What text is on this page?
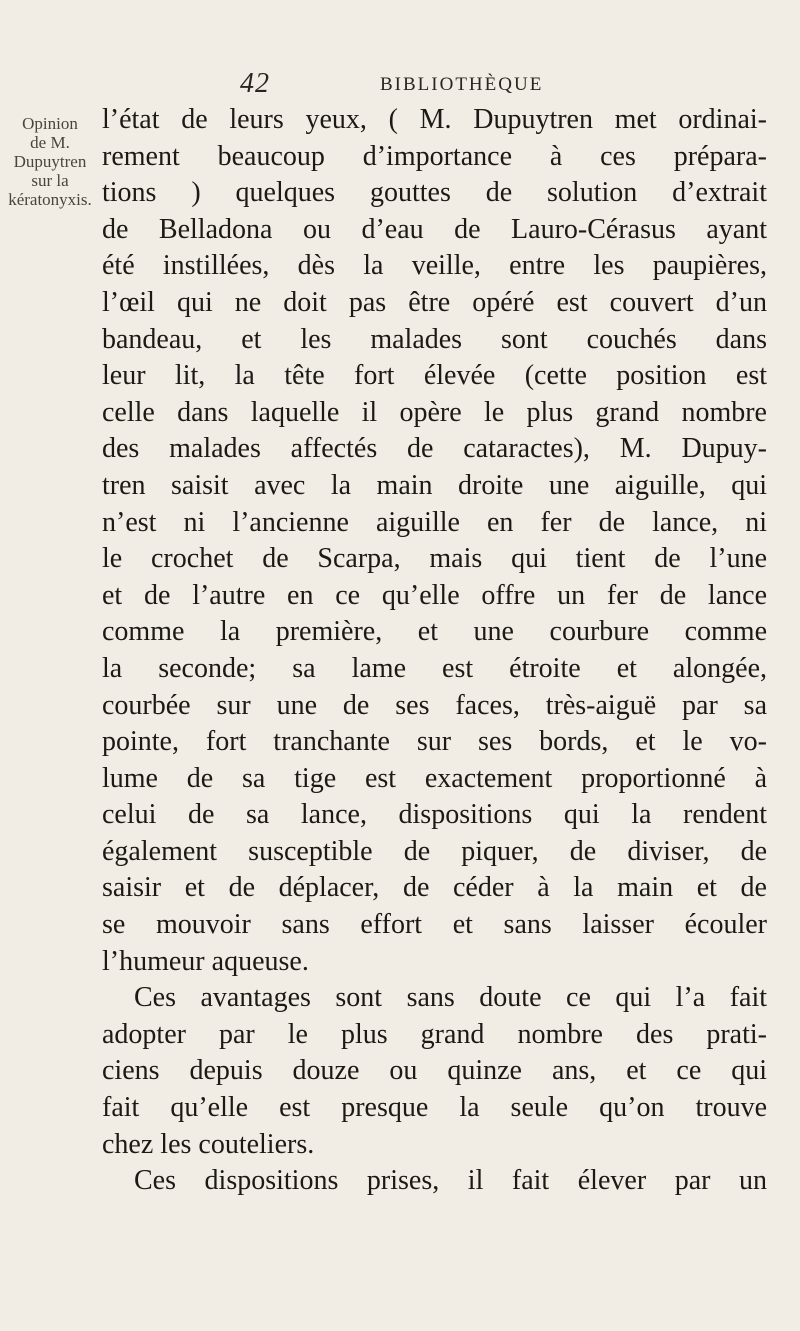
42	BIBLIOTHÈQUE
Opinion
de M.
Dupuytren
sur la
kératonyxis.
l’état de leurs yeux, ( M. Dupuytren met ordinai-
rement beaucoup d’importance à ces prépara-
tions ) quelques gouttes de solution d’extrait
de Belladona ou d’eau de Lauro-Cérasus ayant
été instillées, dès la veille, entre les paupières,
l’œil qui ne doit pas être opéré est couvert d’un
bandeau, et les malades sont couchés dans
leur lit, la tête fort élevée (cette position est
celle dans laquelle il opère le plus grand nombre
des malades affectés de cataractes), M. Dupuy-
tren saisit avec la main droite une aiguille, qui
n’est ni l’ancienne aiguille en fer de lance, ni
le crochet de Scarpa, mais qui tient de l’une
et de l’autre en ce qu’elle offre un fer de lance
comme la première, et une courbure comme
la seconde; sa lame est étroite et alongée,
courbée sur une de ses faces, très-aiguë par sa
pointe, fort tranchante sur ses bords, et le vo-
lume de sa tige est exactement proportionné à
celui de sa lance, dispositions qui la rendent
également susceptible de piquer, de diviser, de
saisir et de déplacer, de céder à la main et de
se mouvoir sans effort et sans laisser écouler
l’humeur aqueuse.
Ces avantages sont sans doute ce qui l’a fait
adopter par le plus grand nombre des prati-
ciens depuis douze ou quinze ans, et ce qui
fait qu’elle est presque la seule qu’on trouve
chez les couteliers.
Ces dispositions prises, il fait élever par un
